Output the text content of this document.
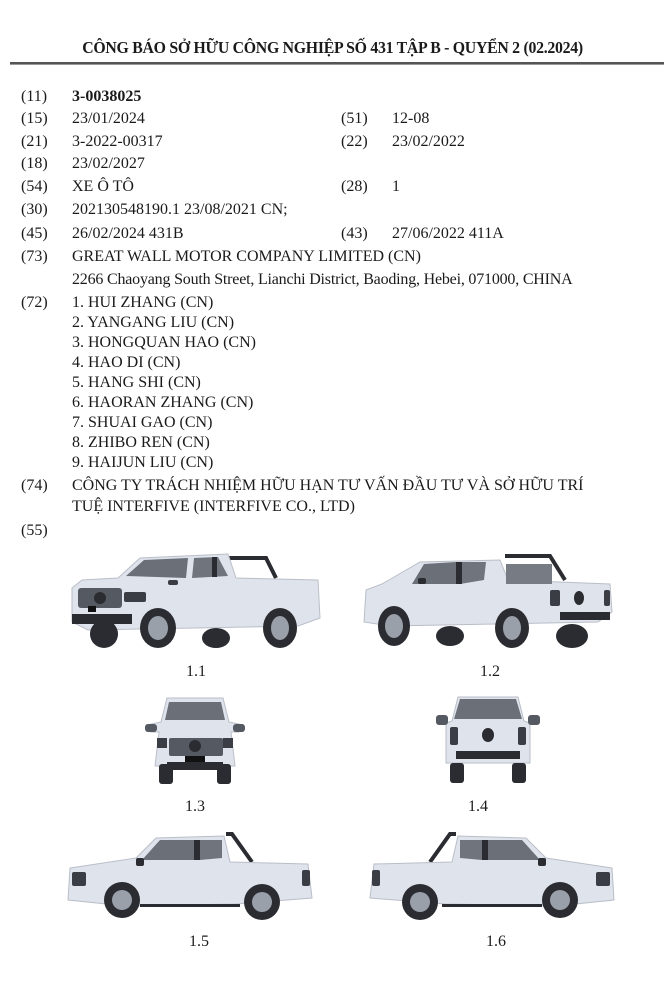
CÔNG BÁO SỞ HỮU CÔNG NGHIỆP SỐ 431 TẬP B - QUYỂN 2 (02.2024)
(11) 3-0038025
(15) 23/01/2024	(51) 12-08
(21) 3-2022-00317	(22) 23/02/2022
(18) 23/02/2027
(54) XE Ô TÔ	(28) 1
(30) 202130548190.1 23/08/2021 CN;
(45) 26/02/2024 431B	(43) 27/06/2022 411A
(73) GREAT WALL MOTOR COMPANY LIMITED (CN)
2266 Chaoyang South Street, Lianchi District, Baoding, Hebei, 071000, CHINA
(72) 1. HUI ZHANG (CN)
2. YANGANG LIU (CN)
3. HONGQUAN HAO (CN)
4. HAO DI (CN)
5. HANG SHI (CN)
6. HAORAN ZHANG (CN)
7. SHUAI GAO (CN)
8. ZHIBO REN (CN)
9. HAIJUN LIU (CN)
(74) CÔNG TY TRÁCH NHIỆM HỮU HẠN TƯ VẤN ĐẦU TƯ VÀ SỞ HỮU TRÍ
TUỆ INTERFIVE (INTERFIVE CO., LTD)
(55)
1.1	1.2
1.3	1.4
1.5	1.6
